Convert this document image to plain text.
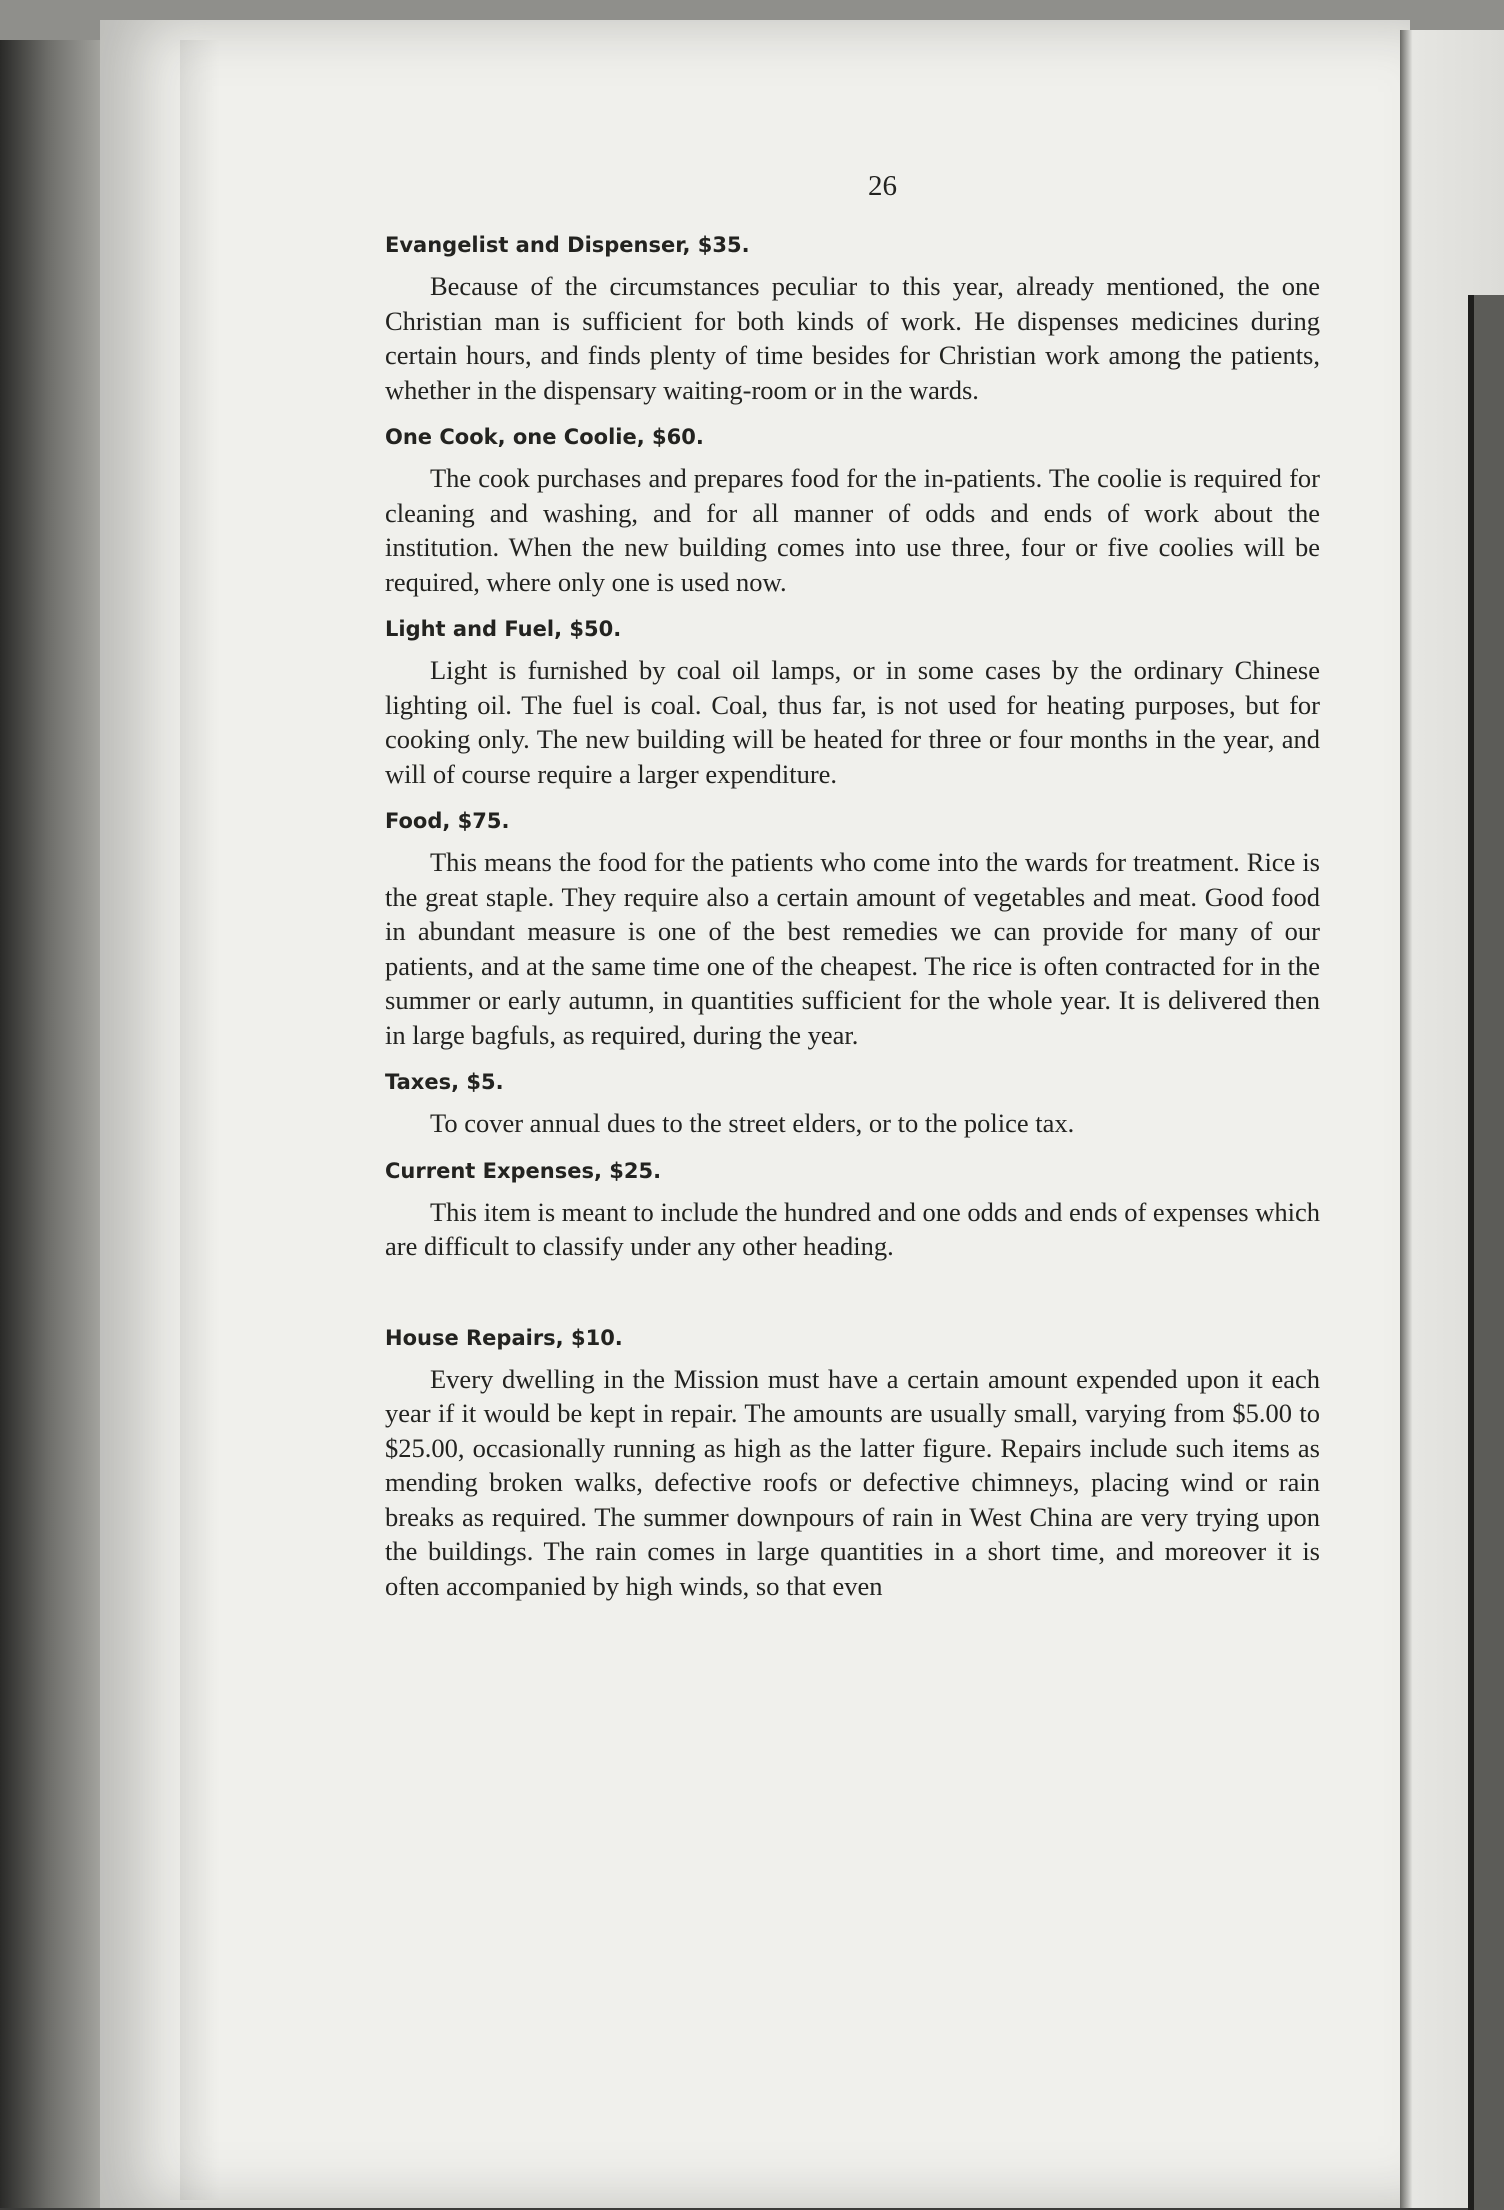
26
Evangelist and Dispenser, $35.

Because of the circumstances peculiar to this year, already mentioned, the one Christian man is sufficient for both kinds of work. He dispenses medicines during certain hours, and finds plenty of time besides for Christian work among the patients, whether in the dispensary waiting-room or in the wards.

One Cook, one Coolie, $60.

The cook purchases and prepares food for the in-patients. The coolie is required for cleaning and washing, and for all manner of odds and ends of work about the institution. When the new building comes into use three, four or five coolies will be required, where only one is used now.

Light and Fuel, $50.

Light is furnished by coal oil lamps, or in some cases by the ordinary Chinese lighting oil. The fuel is coal. Coal, thus far, is not used for heating purposes, but for cooking only. The new building will be heated for three or four months in the year, and will of course require a larger expenditure.

Food, $75.

This means the food for the patients who come into the wards for treatment. Rice is the great staple. They require also a certain amount of vegetables and meat. Good food in abundant measure is one of the best remedies we can provide for many of our patients, and at the same time one of the cheapest. The rice is often contracted for in the summer or early autumn, in quantities sufficient for the whole year. It is delivered then in large bagfuls, as required, during the year.

Taxes, $5.

To cover annual dues to the street elders, or to the police tax.

Current Expenses, $25.

This item is meant to include the hundred and one odds and ends of expenses which are difficult to classify under any other heading.

House Repairs, $10.

Every dwelling in the Mission must have a certain amount expended upon it each year if it would be kept in repair. The amounts are usually small, varying from $5.00 to $25.00, occasionally running as high as the latter figure. Repairs include such items as mending broken walks, defective roofs or defective chimneys, placing wind or rain breaks as required. The summer downpours of rain in West China are very trying upon the buildings. The rain comes in large quantities in a short time, and moreover it is often accompanied by high winds, so that even
